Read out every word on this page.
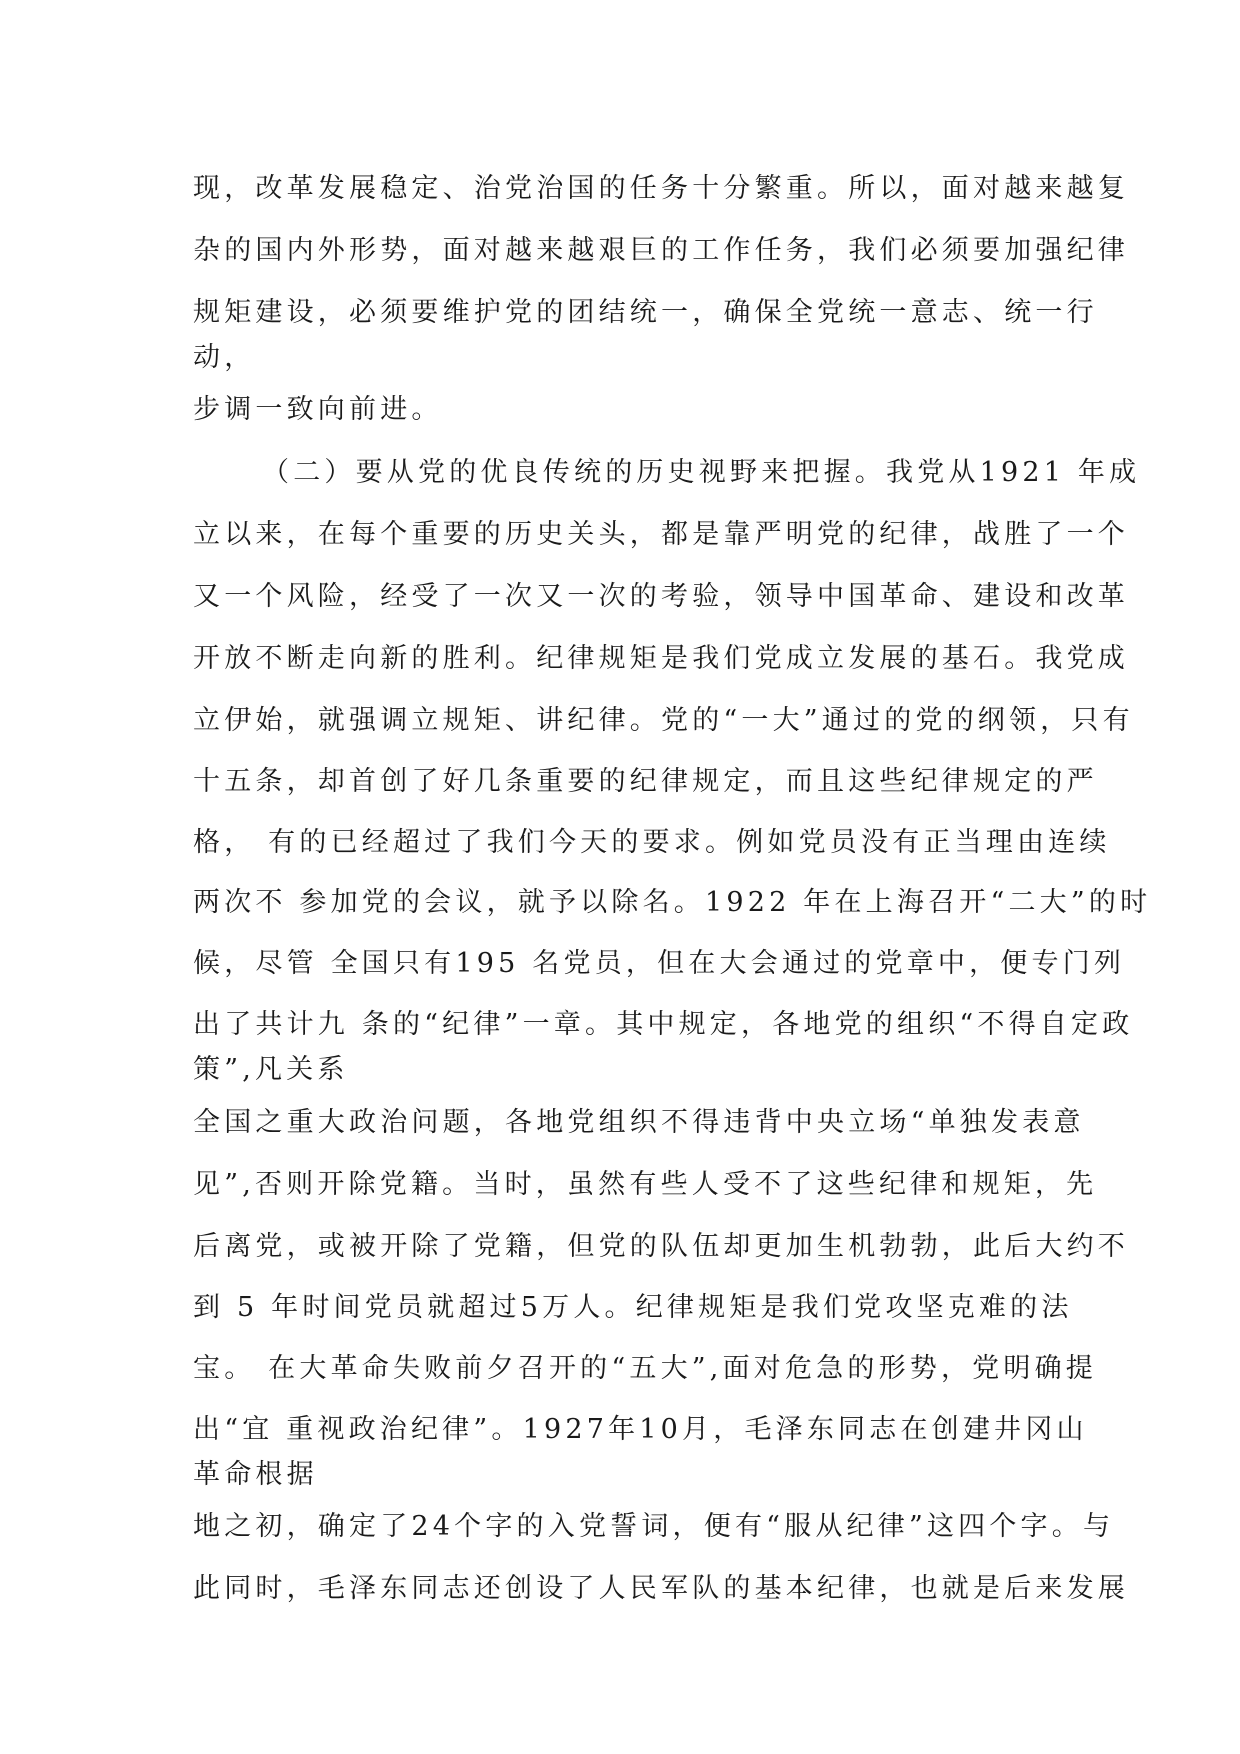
现，改革发展稳定、治党治国的任务十分繁重。所以，面对越来越复
杂的国内外形势，面对越来越艰巨的工作任务，我们必须要加强纪律
规矩建设，必须要维护党的团结统一，确保全党统一意志、统一行
动，
步调一致向前进。
（二）要从党的优良传统的历史视野来把握。我党从1921 年成
立以来，在每个重要的历史关头，都是靠严明党的纪律，战胜了一个
又一个风险，经受了一次又一次的考验，领导中国革命、建设和改革
开放不断走向新的胜利。纪律规矩是我们党成立发展的基石。我党成
立伊始，就强调立规矩、讲纪律。党的“一大”通过的党的纲领，只有
十五条，却首创了好几条重要的纪律规定，而且这些纪律规定的严
格， 有的已经超过了我们今天的要求。例如党员没有正当理由连续
两次不 参加党的会议，就予以除名。1922 年在上海召开“二大”的时
候，尽管 全国只有195 名党员，但在大会通过的党章中，便专门列
出了共计九 条的“纪律”一章。其中规定，各地党的组织“不得自定政
策”,凡关系
全国之重大政治问题，各地党组织不得违背中央立场“单独发表意
见”,否则开除党籍。当时，虽然有些人受不了这些纪律和规矩，先
后离党，或被开除了党籍，但党的队伍却更加生机勃勃，此后大约不
到 5 年时间党员就超过5万人。纪律规矩是我们党攻坚克难的法
宝。 在大革命失败前夕召开的“五大”,面对危急的形势，党明确提
出“宜 重视政治纪律”。1927年10月，毛泽东同志在创建井冈山
革命根据
地之初，确定了24个字的入党誓词，便有“服从纪律”这四个字。与
此同时，毛泽东同志还创设了人民军队的基本纪律，也就是后来发展
